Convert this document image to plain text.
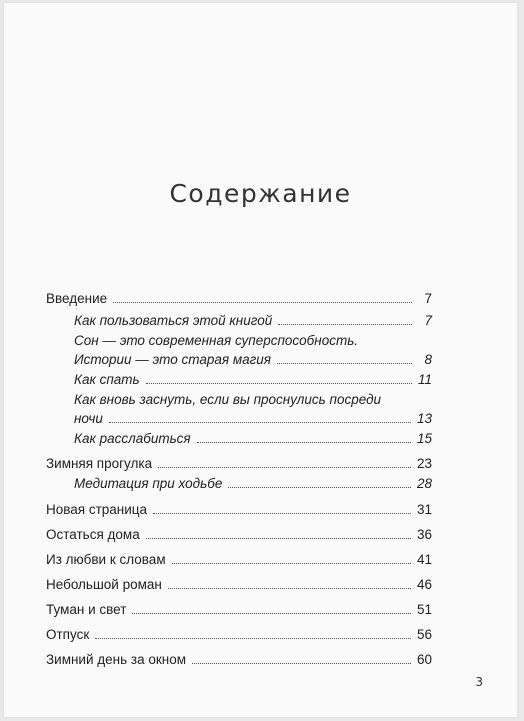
Содержание
Введение	7
Как пользоваться этой книгой	7
Сон — это современная суперспособность.
Истории — это старая магия	8
Как спать	11
Как вновь заснуть, если вы проснулись посреди
ночи	13
Как расслабиться	15
Зимняя прогулка	23
Медитация при ходьбе	28
Новая страница	31
Остаться дома	36
Из любви к словам	41
Небольшой роман	46
Туман и свет	51
Отпуск	56
Зимний день за окном	60
3
